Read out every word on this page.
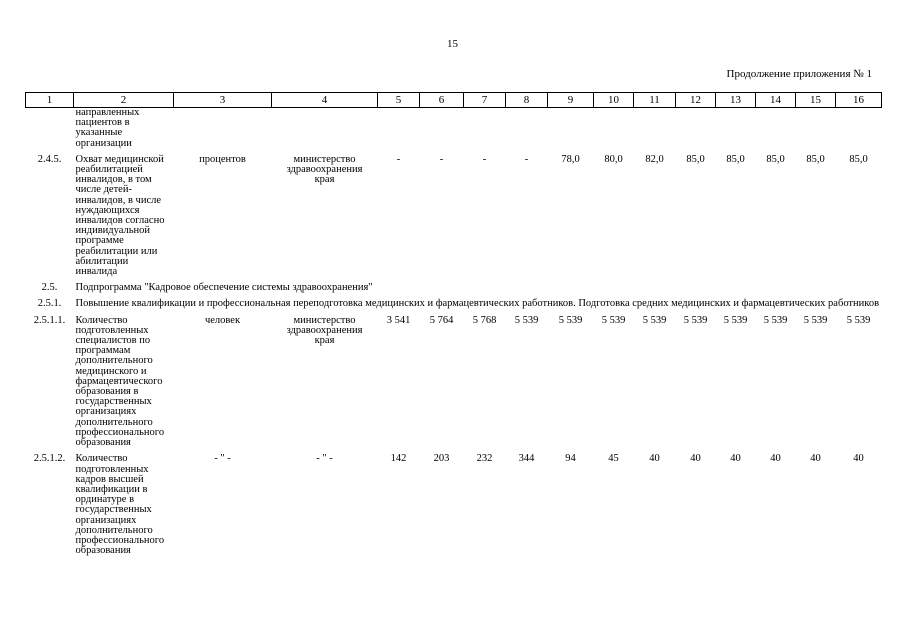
15
Продолжение приложения № 1
1	2	3	4	5	6	7	8	9	10	11	12	13	14	15	16

	направленных пациентов в указанные организации														

2.4.5.	Охват медицинской реабилитацией инвалидов, в том числе детей-инвалидов, в числе нуждающихся инвалидов согласно индивидуальной программе реабилитации или абилитации инвалида	процентов	министерство здравоохранения края	-	-	-	-	78,0	80,0	82,0	85,0	85,0	85,0	85,0	85,0
2.5.	Подпрограмма "Кадровое обеспечение системы здравоохранения"														
2.5.1.	Повышение квалификации и профессиональная переподготовка медицинских и фармацевтических работников. Подготовка средних медицинских и фармацевтических работников														
2.5.1.1.	Количество подготовленных специалистов по программам дополнительного медицинского и фармацевтического образования в государственных организациях дополнительного профессионального образования	человек	министерство здравоохранения края	3 541	5 764	5 768	5 539	5 539	5 539	5 539	5 539	5 539	5 539	5 539	5 539
2.5.1.2.	Количество подготовленных кадров высшей квалификации в ординатуре в государственных организациях дополнительного профессионального образования	- " -	- " -	142	203	232	344	94	45	40	40	40	40	40	40
